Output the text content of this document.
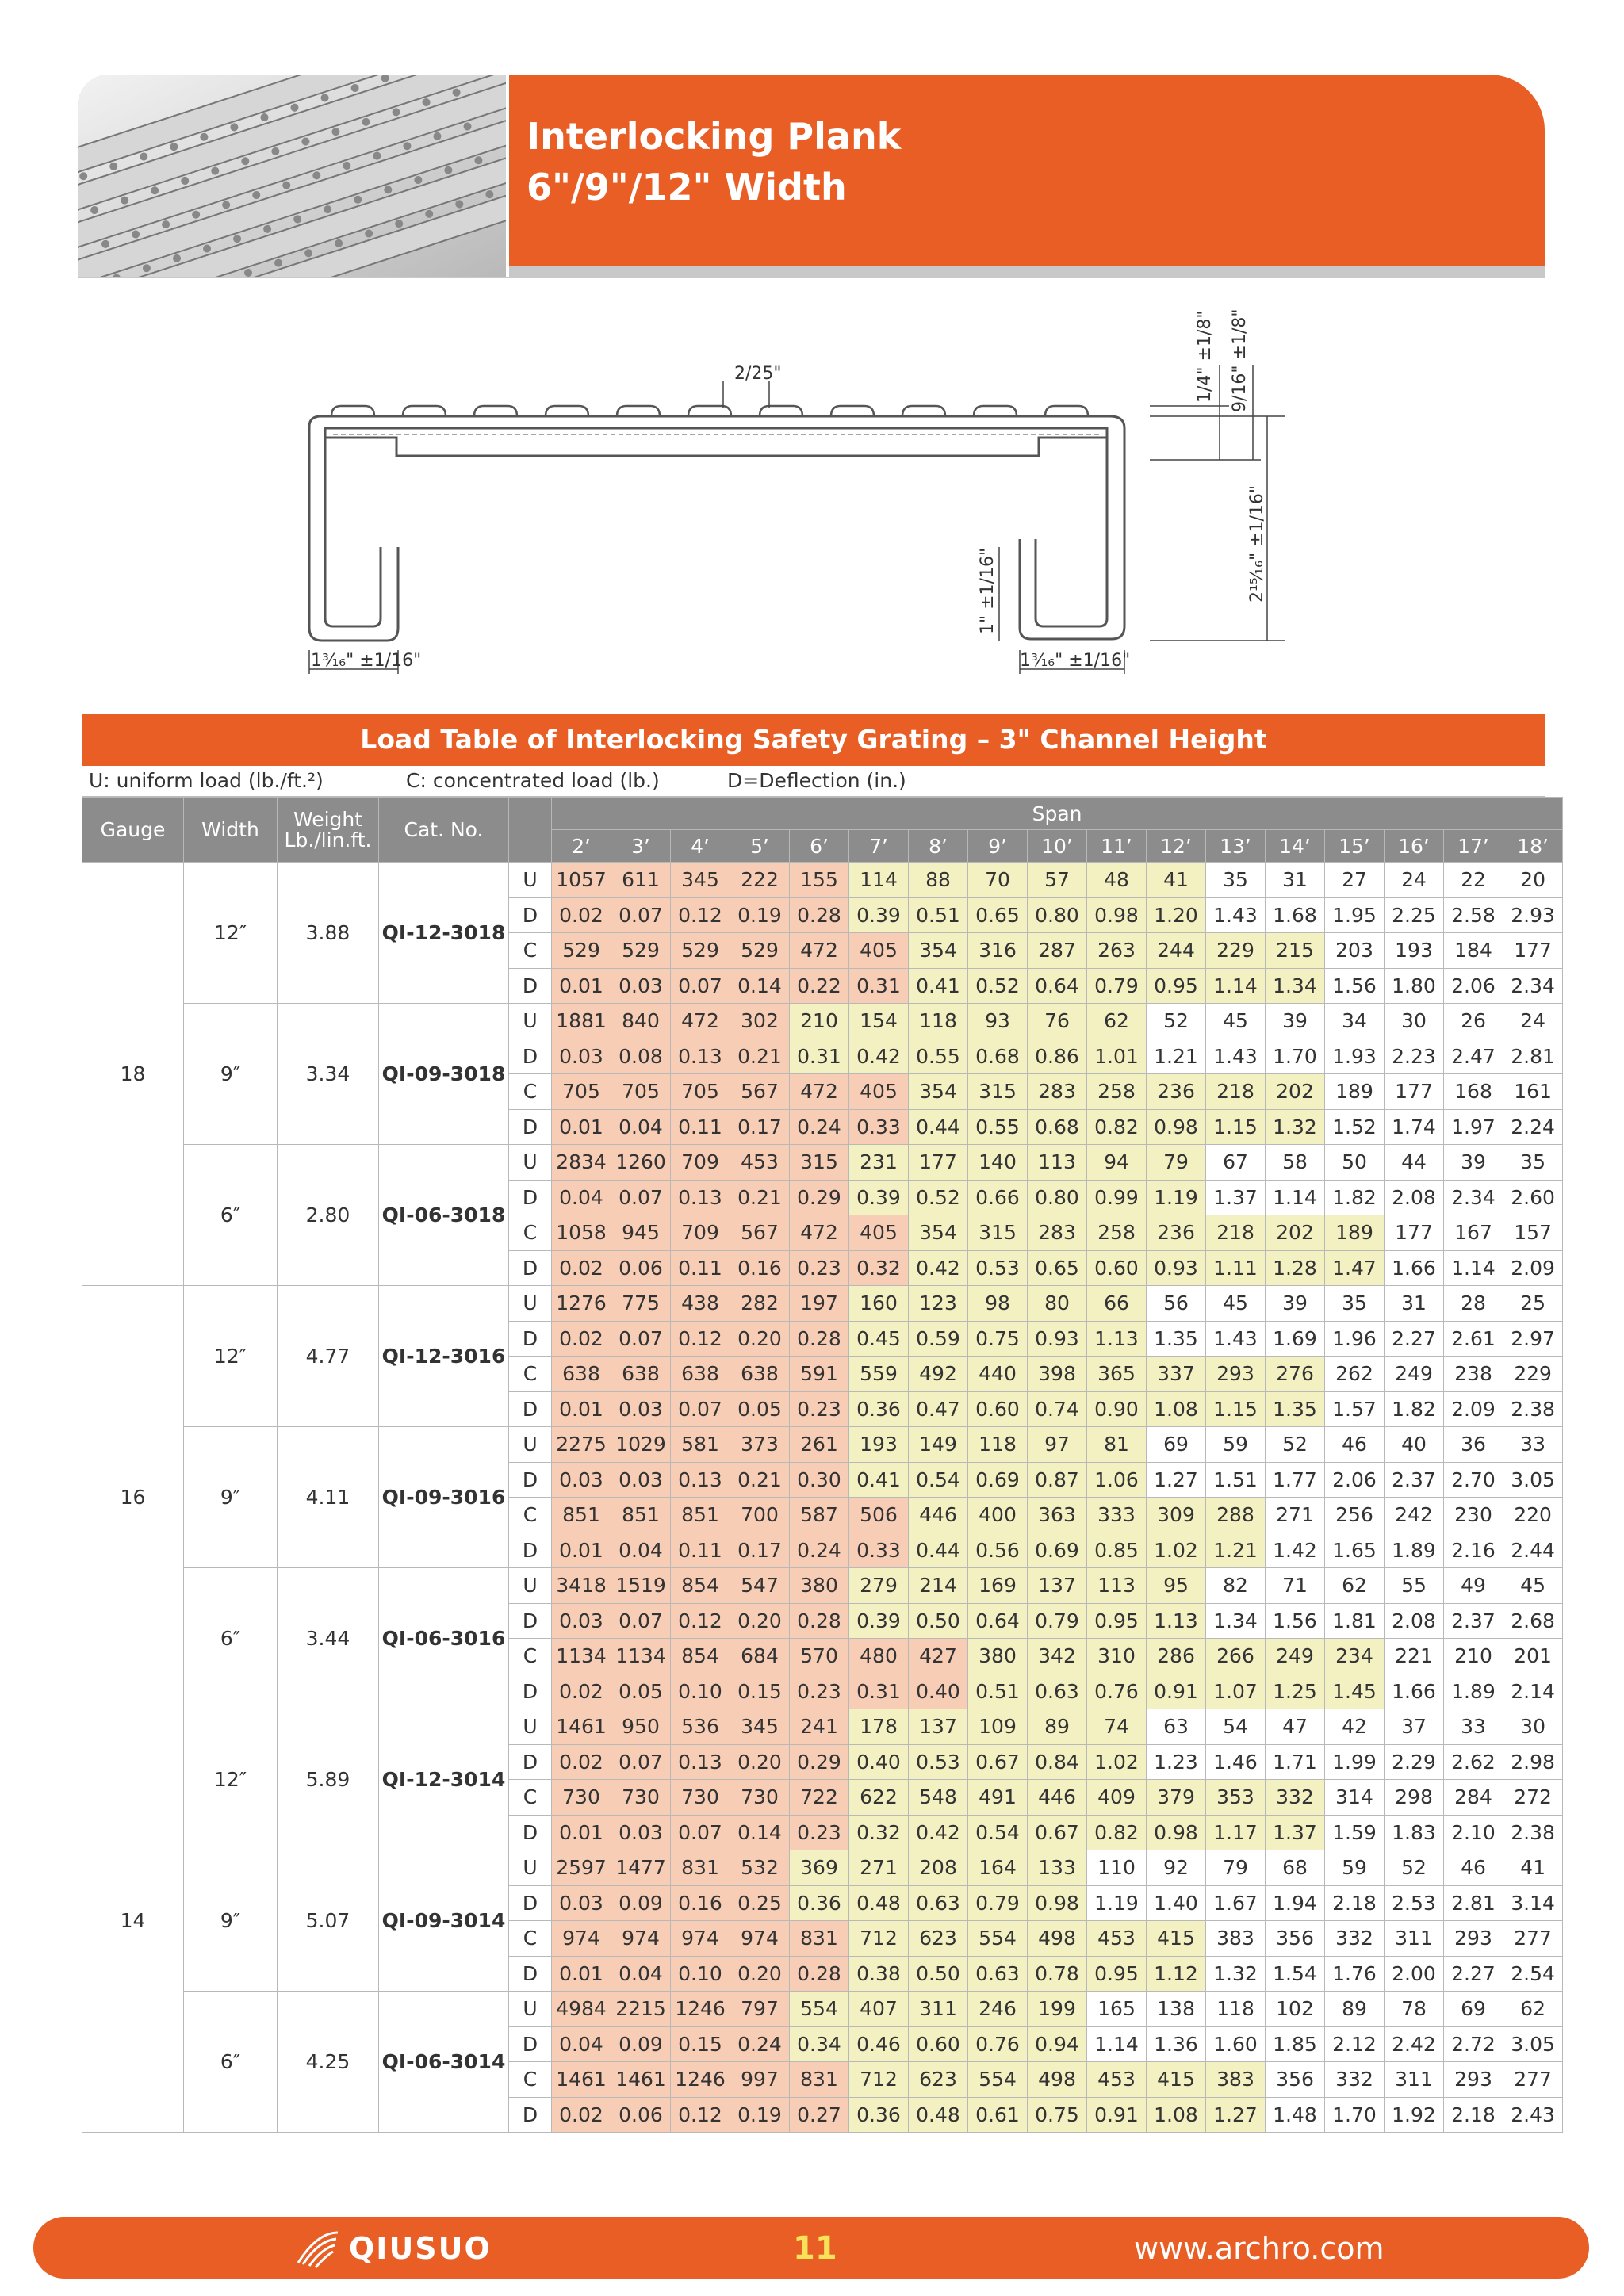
Interlocking Plank
6"/9"/12" Width
2/25"	1/4" ±1/8" 9/16" ±1/8"
2¹⁵⁄₁₆" ±1/16"
1" ±1/16"
1³⁄₁₆" ±1/16"	1³⁄₁₆" ±1/16"
Load Table of Interlocking Safety Grating – 3" Channel Height
U: uniform load (lb./ft.²)	C: concentrated load (lb.)	D=Deflection (in.)
Gauge	Width	Weight
Lb./lin.ft.	Cat. No.		Span																
					2’	3’	4’	5’	6’	7’	8’	9’	10’	11’	12’	13’	14’	15’	16’	17’	18’
18	12″	3.88	QI-12-3018	U	1057	611	345	222	155	114	88	70	57	48	41	35	31	27	24	22	20
				D	0.02	0.07	0.12	0.19	0.28	0.39	0.51	0.65	0.80	0.98	1.20	1.43	1.68	1.95	2.25	2.58	2.93
				C	529	529	529	529	472	405	354	316	287	263	244	229	215	203	193	184	177
				D	0.01	0.03	0.07	0.14	0.22	0.31	0.41	0.52	0.64	0.79	0.95	1.14	1.34	1.56	1.80	2.06	2.34
	9″	3.34	QI-09-3018	U	1881	840	472	302	210	154	118	93	76	62	52	45	39	34	30	26	24
				D	0.03	0.08	0.13	0.21	0.31	0.42	0.55	0.68	0.86	1.01	1.21	1.43	1.70	1.93	2.23	2.47	2.81
				C	705	705	705	567	472	405	354	315	283	258	236	218	202	189	177	168	161
				D	0.01	0.04	0.11	0.17	0.24	0.33	0.44	0.55	0.68	0.82	0.98	1.15	1.32	1.52	1.74	1.97	2.24
	6″	2.80	QI-06-3018	U	2834	1260	709	453	315	231	177	140	113	94	79	67	58	50	44	39	35
				D	0.04	0.07	0.13	0.21	0.29	0.39	0.52	0.66	0.80	0.99	1.19	1.37	1.14	1.82	2.08	2.34	2.60
				C	1058	945	709	567	472	405	354	315	283	258	236	218	202	189	177	167	157
				D	0.02	0.06	0.11	0.16	0.23	0.32	0.42	0.53	0.65	0.60	0.93	1.11	1.28	1.47	1.66	1.14	2.09
16	12″	4.77	QI-12-3016	U	1276	775	438	282	197	160	123	98	80	66	56	45	39	35	31	28	25
				D	0.02	0.07	0.12	0.20	0.28	0.45	0.59	0.75	0.93	1.13	1.35	1.43	1.69	1.96	2.27	2.61	2.97
				C	638	638	638	638	591	559	492	440	398	365	337	293	276	262	249	238	229
				D	0.01	0.03	0.07	0.05	0.23	0.36	0.47	0.60	0.74	0.90	1.08	1.15	1.35	1.57	1.82	2.09	2.38
	9″	4.11	QI-09-3016	U	2275	1029	581	373	261	193	149	118	97	81	69	59	52	46	40	36	33
				D	0.03	0.03	0.13	0.21	0.30	0.41	0.54	0.69	0.87	1.06	1.27	1.51	1.77	2.06	2.37	2.70	3.05
				C	851	851	851	700	587	506	446	400	363	333	309	288	271	256	242	230	220
				D	0.01	0.04	0.11	0.17	0.24	0.33	0.44	0.56	0.69	0.85	1.02	1.21	1.42	1.65	1.89	2.16	2.44
	6″	3.44	QI-06-3016	U	3418	1519	854	547	380	279	214	169	137	113	95	82	71	62	55	49	45
				D	0.03	0.07	0.12	0.20	0.28	0.39	0.50	0.64	0.79	0.95	1.13	1.34	1.56	1.81	2.08	2.37	2.68
				C	1134	1134	854	684	570	480	427	380	342	310	286	266	249	234	221	210	201
				D	0.02	0.05	0.10	0.15	0.23	0.31	0.40	0.51	0.63	0.76	0.91	1.07	1.25	1.45	1.66	1.89	2.14
14	12″	5.89	QI-12-3014	U	1461	950	536	345	241	178	137	109	89	74	63	54	47	42	37	33	30
				D	0.02	0.07	0.13	0.20	0.29	0.40	0.53	0.67	0.84	1.02	1.23	1.46	1.71	1.99	2.29	2.62	2.98
				C	730	730	730	730	722	622	548	491	446	409	379	353	332	314	298	284	272
				D	0.01	0.03	0.07	0.14	0.23	0.32	0.42	0.54	0.67	0.82	0.98	1.17	1.37	1.59	1.83	2.10	2.38
	9″	5.07	QI-09-3014	U	2597	1477	831	532	369	271	208	164	133	110	92	79	68	59	52	46	41
				D	0.03	0.09	0.16	0.25	0.36	0.48	0.63	0.79	0.98	1.19	1.40	1.67	1.94	2.18	2.53	2.81	3.14
				C	974	974	974	974	831	712	623	554	498	453	415	383	356	332	311	293	277
				D	0.01	0.04	0.10	0.20	0.28	0.38	0.50	0.63	0.78	0.95	1.12	1.32	1.54	1.76	2.00	2.27	2.54
	6″	4.25	QI-06-3014	U	4984	2215	1246	797	554	407	311	246	199	165	138	118	102	89	78	69	62
				D	0.04	0.09	0.15	0.24	0.34	0.46	0.60	0.76	0.94	1.14	1.36	1.60	1.85	2.12	2.42	2.72	3.05
				C	1461	1461	1246	997	831	712	623	554	498	453	415	383	356	332	311	293	277
				D	0.02	0.06	0.12	0.19	0.27	0.36	0.48	0.61	0.75	0.91	1.08	1.27	1.48	1.70	1.92	2.18	2.43
QIUSUO	11	www.archro.com
